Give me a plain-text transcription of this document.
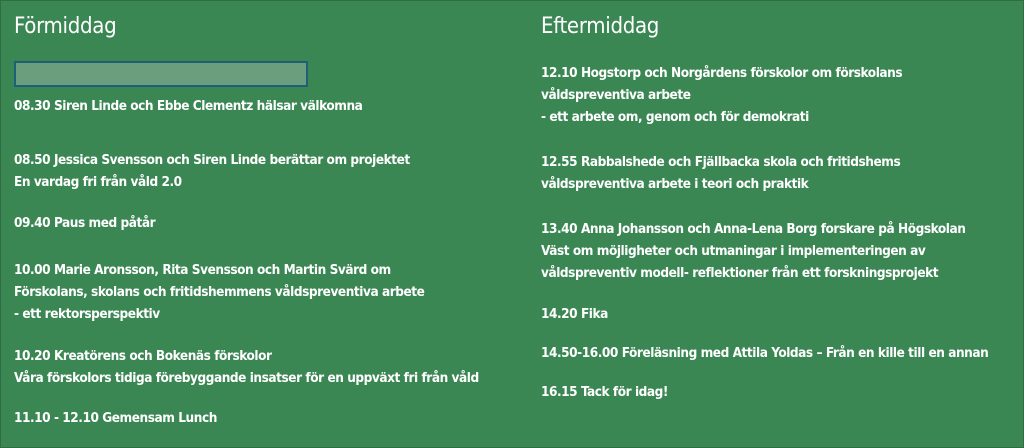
Förmiddag
08.30 Siren Linde och Ebbe Clementz hälsar välkomna
08.50 Jessica Svensson och Siren Linde berättar om projektet
En vardag fri från våld 2.0
09.40 Paus med påtår
10.00 Marie Aronsson, Rita Svensson och Martin Svärd om
Förskolans, skolans och fritidshemmens våldspreventiva arbete
- ett rektorsperspektiv
10.20 Kreatörens och Bokenäs förskolor
Våra förskolors tidiga förebyggande insatser för en uppväxt fri från våld
11.10 - 12.10 Gemensam Lunch
Eftermiddag
12.10 Hogstorp och Norgårdens förskolor om förskolans
våldspreventiva arbete
- ett arbete om, genom och för demokrati
12.55 Rabbalshede och Fjällbacka skola och fritidshems
våldspreventiva arbete i teori och praktik
13.40 Anna Johansson och Anna-Lena Borg forskare på Högskolan
Väst om möjligheter och utmaningar i implementeringen av
våldspreventiv modell- reflektioner från ett forskningsprojekt
14.20 Fika
14.50-16.00 Föreläsning med Attila Yoldas – Från en kille till en annan
16.15 Tack för idag!
